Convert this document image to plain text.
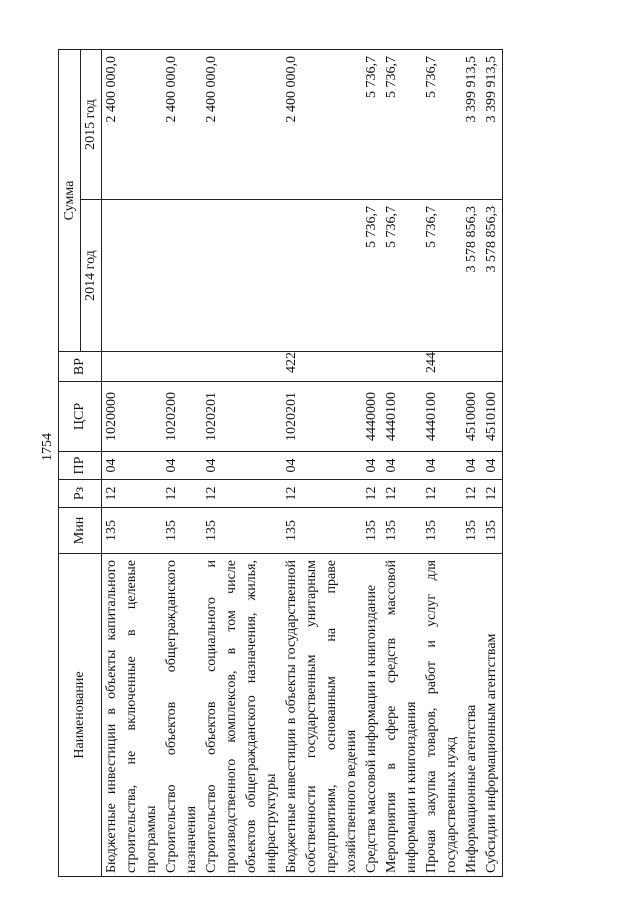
1754
Наименование	Мин	Рз	ПР	ЦСР	ВР	Сумма	
						2014 год	2015 год
Бюджетные инвестиции в объекты капитального строительства, не включенные в целевые программы	135	12	04	1020000			2 400 000,0
Строительство объектов общегражданского назначения	135	12	04	1020200			2 400 000,0
Строительство объектов социального и производственного комплексов, в том числе объектов общегражданского назначения, жилья, инфраструктуры	135	12	04	1020201			2 400 000,0
Бюджетные инвестиции в объекты государственной собственности государственным унитарным предприятиям, основанным на праве хозяйственного ведения	135	12	04	1020201	422		2 400 000,0
Средства массовой информации и книгоиздание	135	12	04	4440000		5 736,7	5 736,7
Мероприятия в сфере средств массовой информации и книгоиздания	135	12	04	4440100		5 736,7	5 736,7
Прочая закупка товаров, работ и услуг для государственных нужд	135	12	04	4440100	244	5 736,7	5 736,7
Информационные агентства	135	12	04	4510000		3 578 856,3	3 399 913,5
Субсидии информационным агентствам	135	12	04	4510100		3 578 856,3	3 399 913,5
